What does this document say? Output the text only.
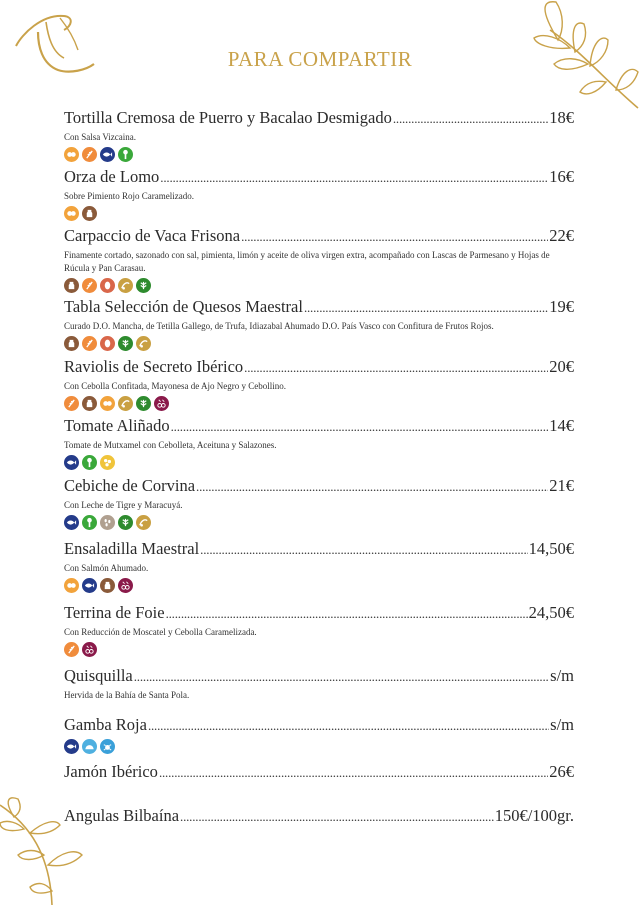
PARA COMPARTIR
Tortilla Cremosa de Puerro y Bacalao Desmigado .....	18€
Con Salsa Vizcaina.
Orza de Lomo .....	16€
Sobre Pimiento Rojo Caramelizado.
Carpaccio de Vaca Frisona .....	22€
Finamente cortado, sazonado con sal, pimienta, limón y aceite de oliva virgen extra, acompañado con Lascas de Parmesano y Hojas de Rúcula y Pan Carasau.
Tabla Selección de Quesos Maestral .....	19€
Curado D.O. Mancha, de Tetilla Gallego, de Trufa, Idiazabal Ahumado D.O. País Vasco con Confitura de Frutos Rojos.
Raviolis de Secreto Ibérico .....	20€
Con Cebolla Confitada, Mayonesa de Ajo Negro y Cebollino.
Tomate Aliñado .....	14€
Tomate de Mutxamel con Cebolleta, Aceituna y Salazones.
Cebiche de Corvina .....	21€
Con Leche de Tigre y Maracuyá.
Ensaladilla Maestral .....	14,50€
Con Salmón Ahumado.
Terrina de Foie .....	24,50€
Con Reducción de Moscatel y Cebolla Caramelizada.
Quisquilla .....	s/m
Hervida de la Bahía de Santa Pola.
Gamba Roja .....	s/m
Jamón Ibérico .....	26€
Angulas Bilbaína .....	150€/100gr.
